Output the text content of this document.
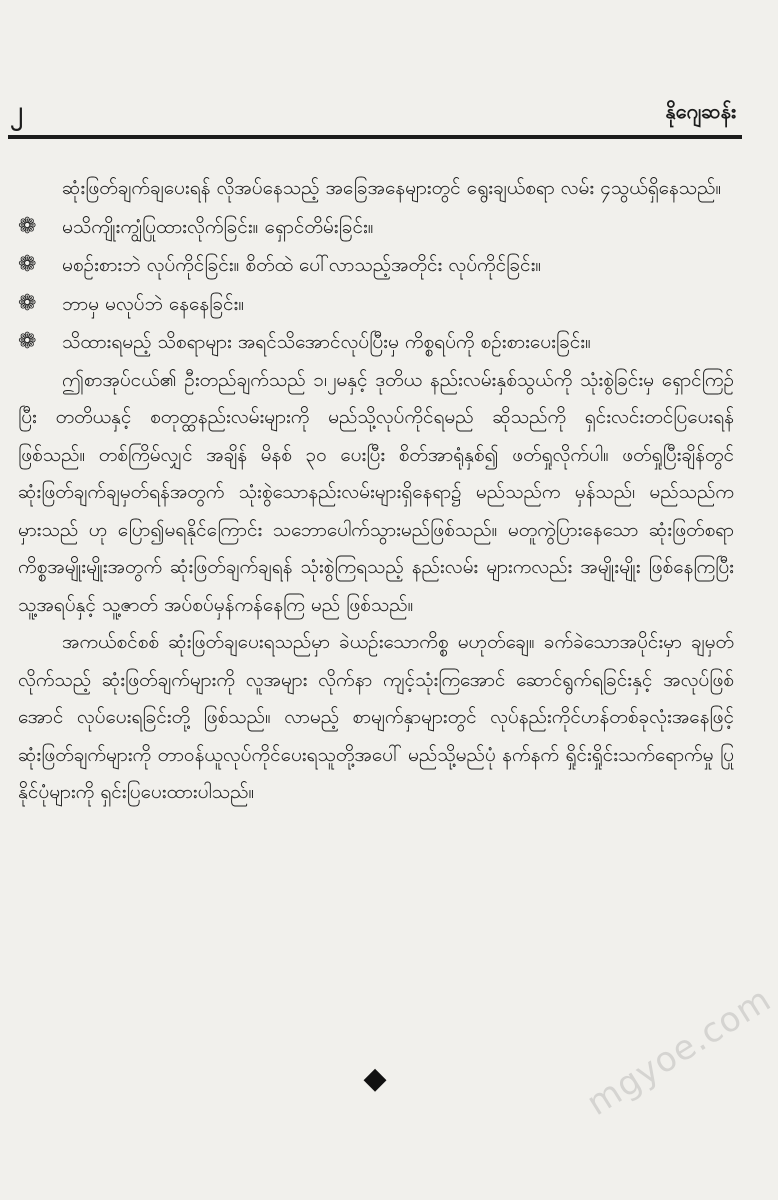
၂	နိုဂျေဆန်း

ဆုံးဖြတ်ချက်ချပေးရန် လိုအပ်နေသည့် အခြေအနေများတွင် ရွေးချယ်စရာ လမ်း ၄သွယ်ရှိနေသည်။

❁	မသိကျိုးကျွံပြုထားလိုက်ခြင်း။ ရှောင်တိမ်းခြင်း။
❁	မစဉ်းစားဘဲ လုပ်ကိုင်ခြင်း။ စိတ်ထဲ ပေါ်လာသည့်အတိုင်း လုပ်ကိုင်ခြင်း။
❁	ဘာမှ မလုပ်ဘဲ နေနေခြင်း။
❁	သိထားရမည့် သိစရာများ အရင်သိအောင်လုပ်ပြီးမှ ကိစ္စရပ်ကို စဉ်းစားပေးခြင်း။

ဤစာအုပ်ငယ်၏ ဦးတည်ချက်သည် ၁၊၂မနှင့် ဒုတိယ နည်းလမ်းနှစ်သွယ်ကို သုံးစွဲခြင်းမှ ရှောင်ကြဉ်ပြီး တတိယနှင့် စတုတ္ထနည်းလမ်းများကို မည်သို့လုပ်ကိုင်ရမည် ဆိုသည်ကို ရှင်းလင်းတင်ပြပေးရန် ဖြစ်သည်။ တစ်ကြိမ်လျှင် အချိန် မိနစ် ၃၀ ပေးပြီး စိတ်အာရုံနှစ်၍ ဖတ်ရှုလိုက်ပါ။ ဖတ်ရှုပြီးချိန်တွင် ဆုံးဖြတ်ချက်ချမှတ်ရန်အတွက် သုံးစွဲသောနည်းလမ်းများရှိနေရာ၌ မည်သည်က မှန်သည်၊ မည်သည်က မှားသည် ဟု ပြော၍မရနိုင်ကြောင်း သဘောပေါက်သွားမည်ဖြစ်သည်။ မတူကွဲပြားနေသော ဆုံးဖြတ်စရာကိစ္စအမျိုးမျိုးအတွက် ဆုံးဖြတ်ချက်ချရန် သုံးစွဲကြရသည့် နည်းလမ်း များကလည်း အမျိုးမျိုး ဖြစ်နေကြပြီး သူ့အရပ်နှင့် သူ့ဇာတ် အပ်စပ်မှန်ကန်နေကြ မည် ဖြစ်သည်။

အကယ်စင်စစ် ဆုံးဖြတ်ချပေးရသည်မှာ ခဲယဉ်းသောကိစ္စ မဟုတ်ချေ။ ခက်ခဲသောအပိုင်းမှာ ချမှတ်လိုက်သည့် ဆုံးဖြတ်ချက်များကို လူအများ လိုက်နာ ကျင့်သုံးကြအောင် ဆောင်ရွက်ရခြင်းနှင့် အလုပ်ဖြစ်အောင် လုပ်ပေးရခြင်းတို့ ဖြစ်သည်။ လာမည့် စာမျက်နှာများတွင် လုပ်နည်းကိုင်ဟန်တစ်ခုလုံးအနေဖြင့် ဆုံးဖြတ်ချက်များကို တာဝန်ယူလုပ်ကိုင်ပေးရသူတို့အပေါ် မည်သို့မည်ပုံ နက်နက် ရှိုင်းရှိုင်းသက်ရောက်မှု ပြုနိုင်ပုံများကို ရှင်းပြပေးထားပါသည်။

◆	mgyoe.com
